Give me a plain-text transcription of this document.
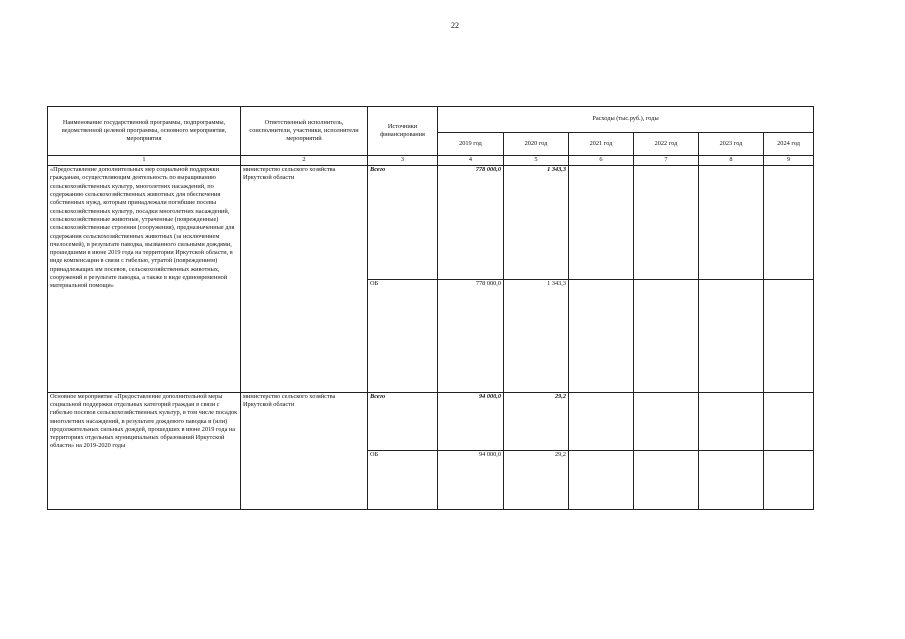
22
Наименование государственной программы, подпрограммы, ведомственной целевой программы, основного мероприятия, мероприятия	Ответственный исполнитель, соисполнители, участники, исполнители мероприятий	Источники финансирования	Расходы (тыс.руб.), годы					
			2019 год	2020 год	2021 год	2022 год	2023 год	2024 год
1	2	3	4	5	6	7	8	9
«Предоставление дополнительных мер социальной поддержки гражданам, осуществляющим деятельность по выращиванию сельскохозяйственных культур, многолетних насаждений, по содержанию сельскохозяйственных животных для обеспечения собственных нужд, которым принадлежали погибшие посевы сельскохозяйственных культур, посадки многолетних насаждений, сельскохозяйственные животные, утраченные (поврежденные) сельскохозяйственные строения (сооружения), предназначенные для содержания сельскохозяйственных животных (за исключением пчелосемей), в результате паводка, вызванного сильными дождями, прошедшими в июне 2019 года на территории Иркутской области, в виде компенсации в связи с гибелью, утратой (повреждением) принадлежащих им посевов, сельскохозяйственных животных, сооружений в результате паводка, а также в виде единовременной материальной помощи»	министерство сельского хозяйства Иркутской области	Всего	778 000,0	1 343,3				
		ОБ	778 000,0	1 343,3				
Основное мероприятие «Предоставление дополнительной меры социальной поддержки отдельных категорий граждан в связи с гибелью посевов сельскохозяйственных культур, в том числе посадок многолетних насаждений, в результате дождевого паводка и (или) продолжительных сильных дождей, прошедших в июне 2019 года на территориях отдельных муниципальных образований Иркутской области» на 2019-2020 годы	министерство сельского хозяйства Иркутской области	Всего	94 000,0	29,2				
		ОБ	94 000,0	29,2				
